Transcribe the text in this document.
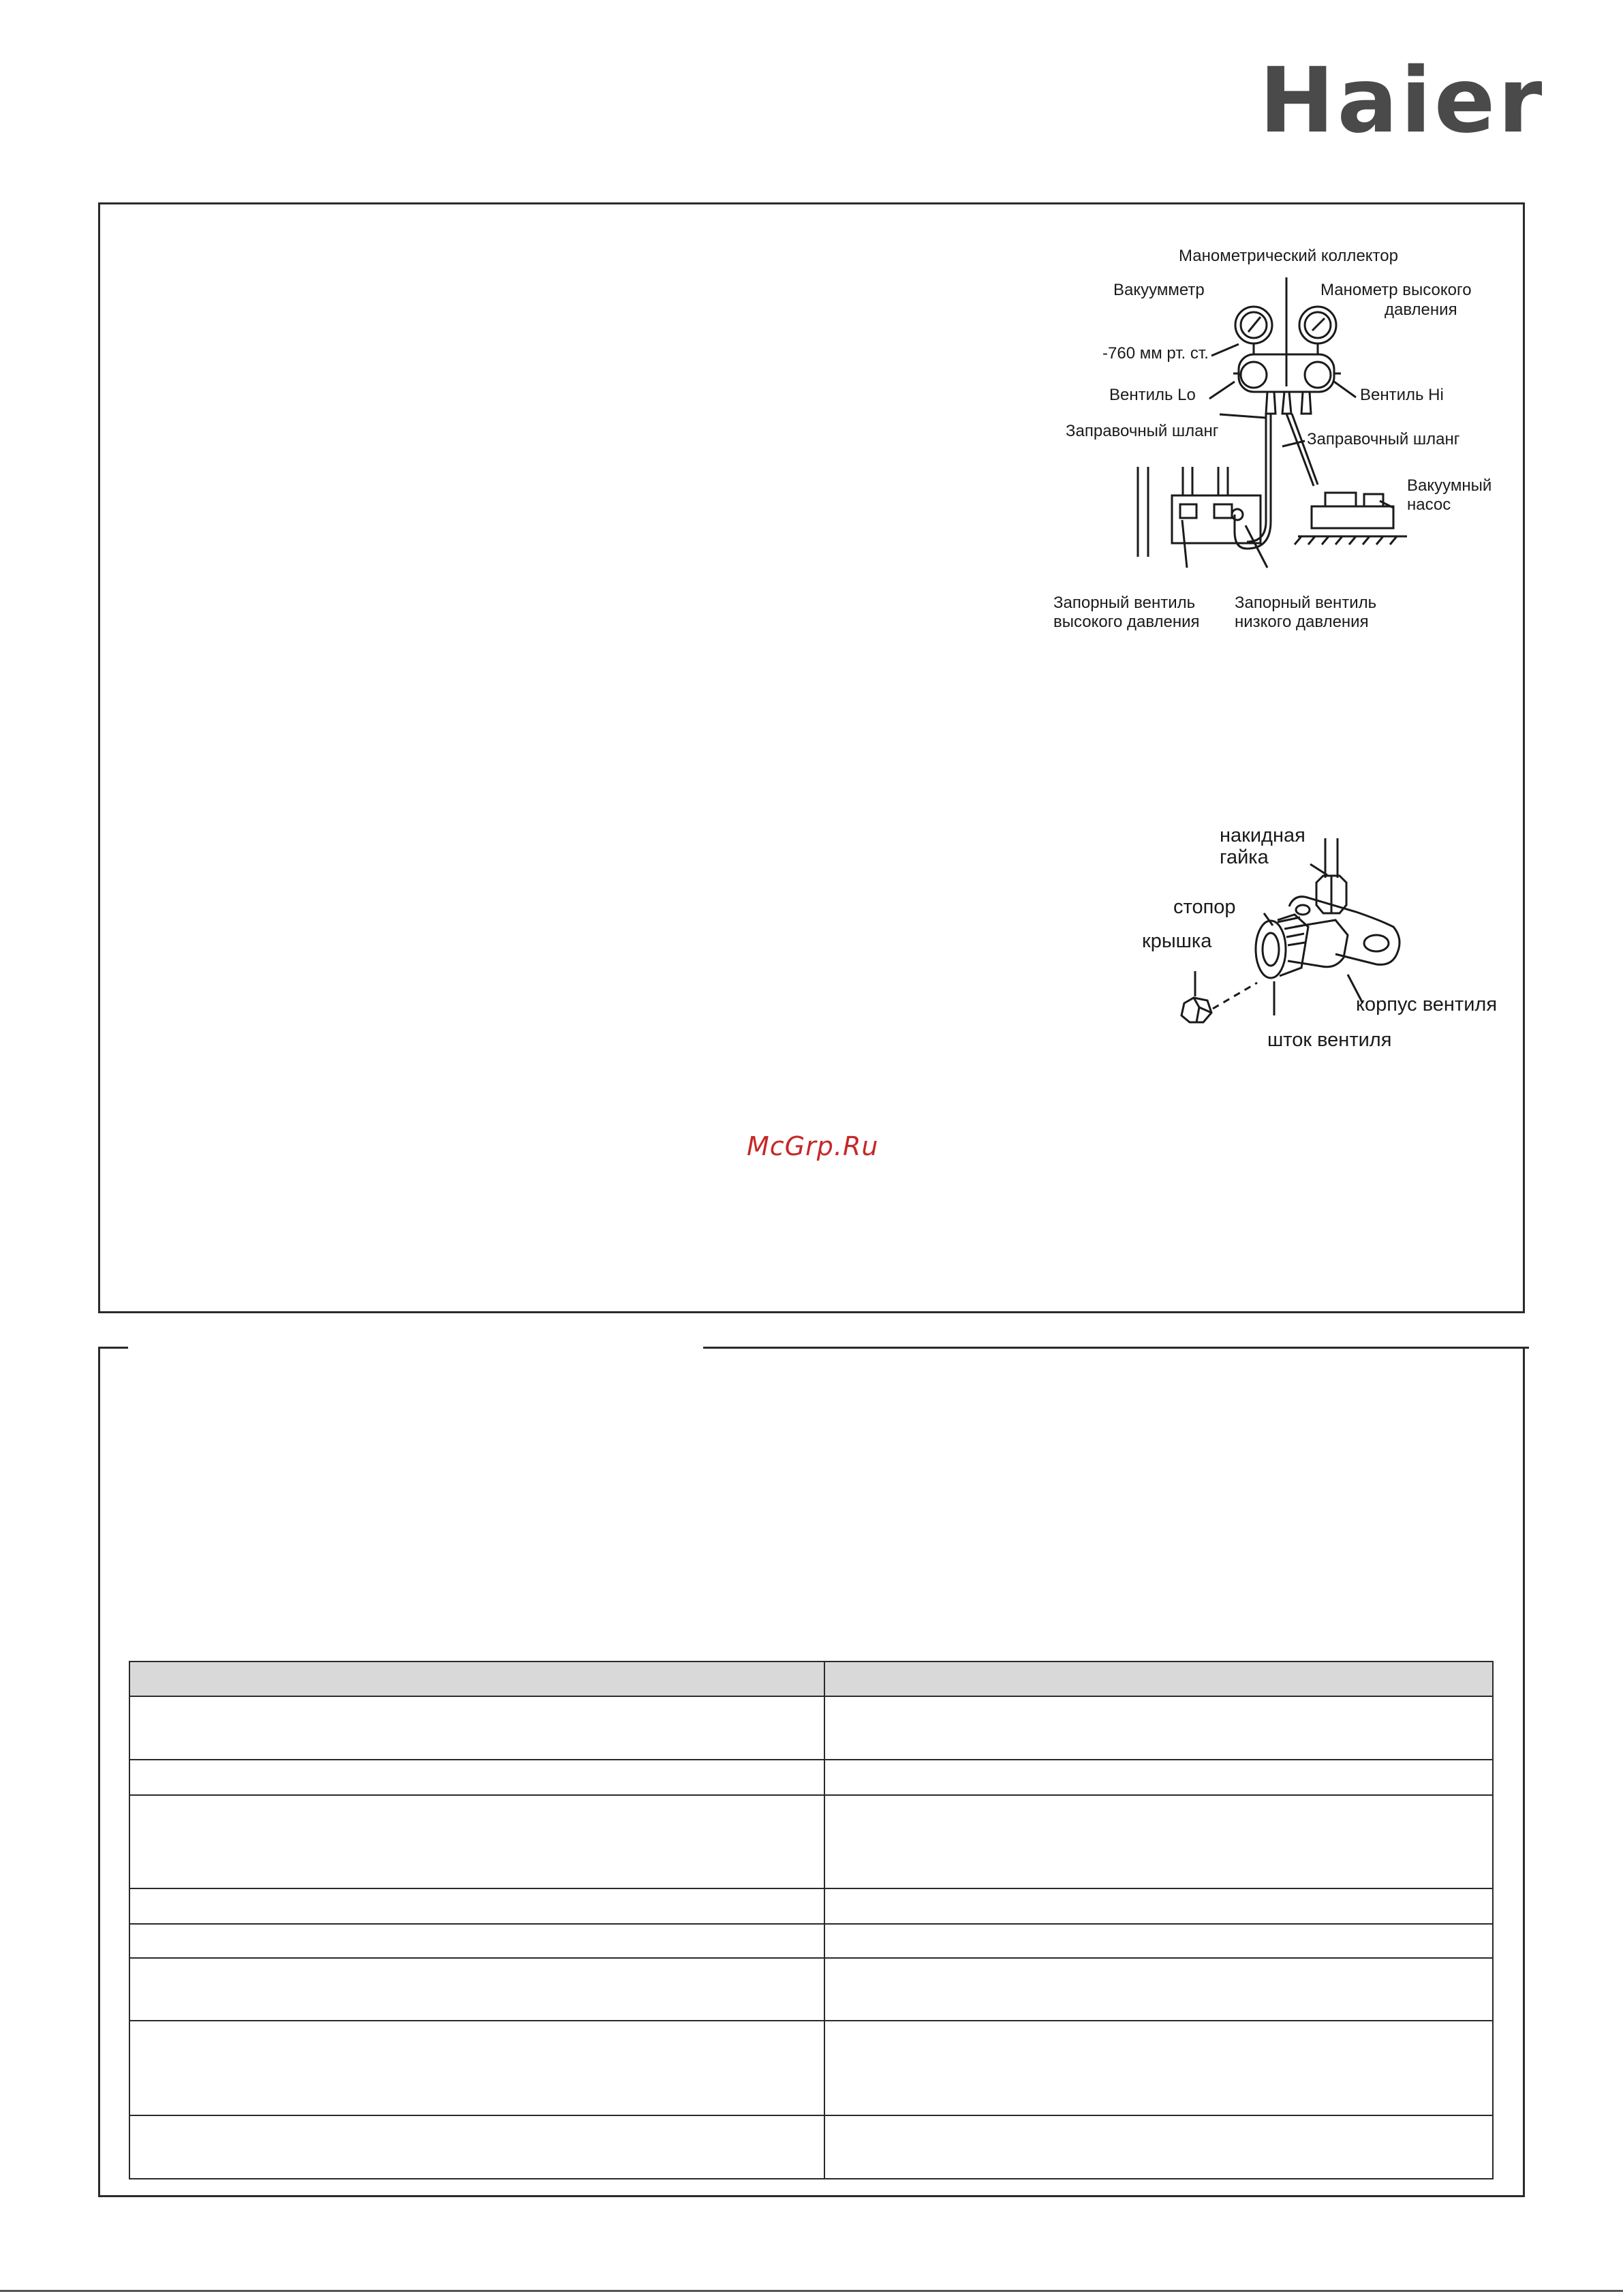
Haier
Манометрический коллектор
Вакуумметр	Манометр высокого
давления
-760 мм рт. ст.
Вентиль Lo	Вентиль Hi
Заправочный шланг	Заправочный шланг
Вакуумный
насос
Запорный вентиль
высокого давления
Запорный вентиль
низкого давления
накидная
гайка
стопор
крышка
корпус вентиля
шток вентиля
McGrp.Ru
